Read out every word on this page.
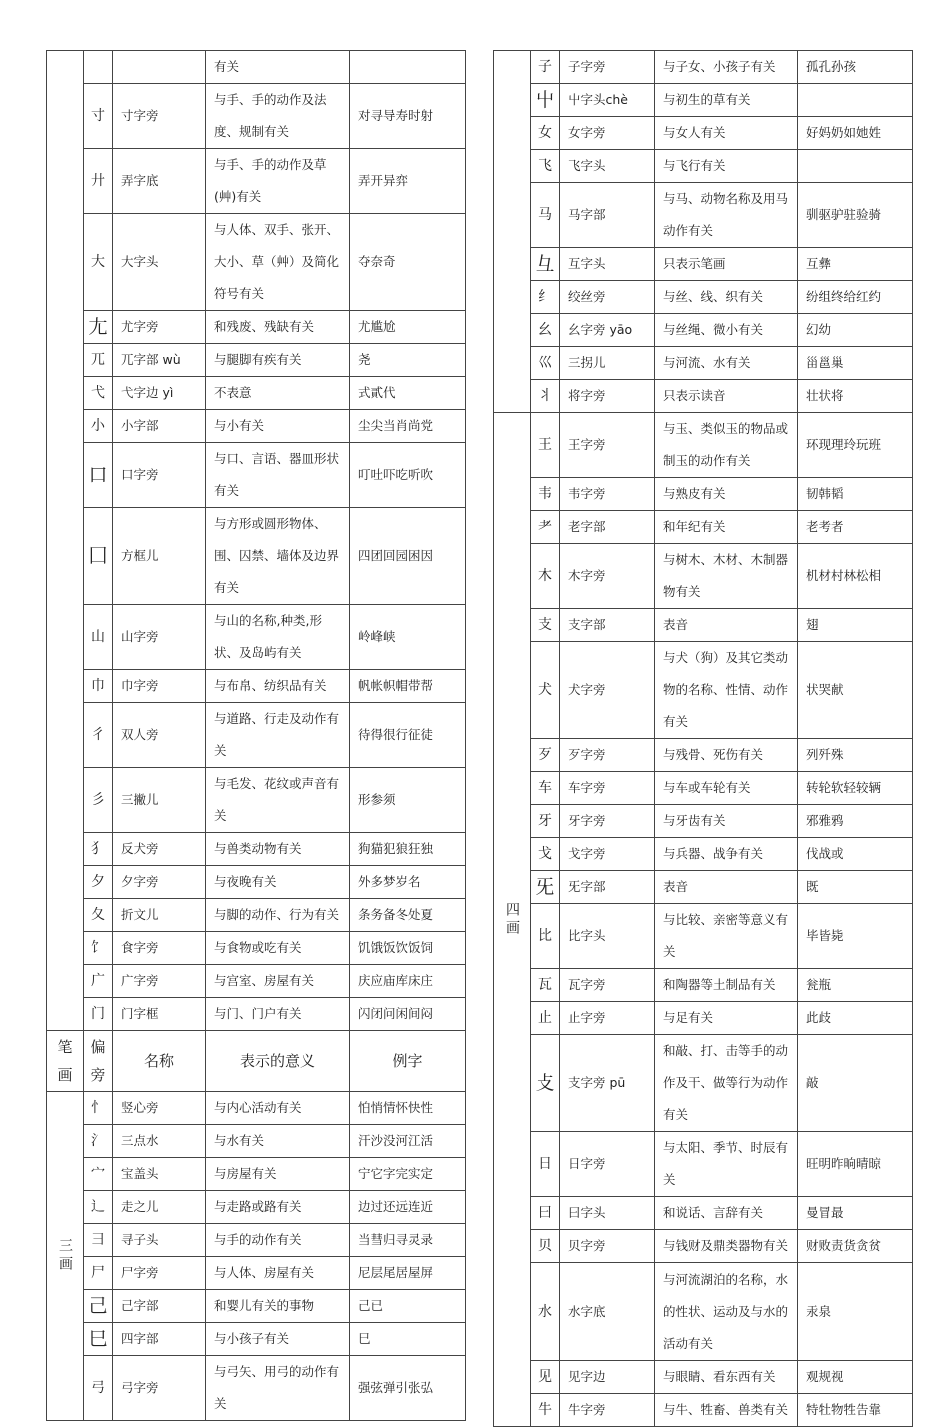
			有关	
	寸	寸字旁	与手、手的动作及法度、规制有关	对寻导寿时射
	廾	弄字底	与手、手的动作及草(艸)有关	弄开异弈
	大	大字头	与人体、双手、张开、大小、草（艸）及简化符号有关	夺奈奇
	尢	尤字旁	和残废、残缺有关	尤尴尬
	兀	兀字部 wù	与腿脚有疾有关	尧
	弋	弋字边 yì	不表意	式貳代
	小	小字部	与小有关	尘尖当肖尚党
	口	口字旁	与口、言语、器皿形状有关	叮吐吓吃听吹
	囗	方框儿	与方形或圆形物体、围、囚禁、墙体及边界有关	四团回园困因
	山	山字旁	与山的名称,种类,形状、及岛屿有关	岭峰峡
	巾	巾字旁	与布帛、纺织品有关	帆帐帜帽带帮
	彳	双人旁	与道路、行走及动作有关	待得很行征徒
	彡	三撇儿	与毛发、花纹或声音有关	形参须
	犭	反犬旁	与兽类动物有关	狗猫犯狼狂独
	夕	夕字旁	与夜晚有关	外多梦岁名
	夂	折文儿	与脚的动作、行为有关	条务备冬处夏
	饣	食字旁	与食物或吃有关	饥饿饭饮饭饲
	广	广字旁	与宫室、房屋有关	庆应庙库床庄
	门	门字框	与门、门户有关	闪闭问闲间闷
笔画	偏旁	名称	表示的意义	例字
三画	忄	竖心旁	与内心活动有关	怕悄情怀快性
	氵	三点水	与水有关	汗沙没河江活
	宀	宝盖头	与房屋有关	宁它字完实定
	辶	走之儿	与走路或路有关	边过还远连近
	彐	寻子头	与手的动作有关	当彗归寻灵录
	尸	尸字旁	与人体、房屋有关	尼层尾居屋屏
	己	己字部	和婴儿有关的事物	己已
	巳	四字部	与小孩子有关	巳
	弓	弓字旁	与弓矢、用弓的动作有关	强弦弹引张弘
	子	子字旁	与子女、小孩子有关	孤孔孙孩
	屮	屮字头chè	与初生的草有关	
	女	女字旁	与女人有关	好妈奶如她姓
	飞	飞字头	与飞行有关	
	马	马字部	与马、动物名称及用马动作有关	驯驱驴驻验骑
	彑	互字头	只表示笔画	互彝
	纟	绞丝旁	与丝、线、织有关	纷组终给红约
	幺	幺字旁 yāo	与丝绳、微小有关	幻幼
	巛	三拐儿	与河流、水有关	甾邕巢
	丬	将字旁	只表示读音	壮状将
四画	王	王字旁	与玉、类似玉的物品或制玉的动作有关	环现理玲玩班
	韦	韦字旁	与熟皮有关	韧韩韬
	耂	老字部	和年纪有关	老考者
	木	木字旁	与树木、木材、木制器物有关	机材村林松相
	支	支字部	表音	翅
	犬	犬字旁	与犬（狗）及其它类动物的名称、性情、动作有关	状哭献
	歹	歹字旁	与残骨、死伤有关	列歼殊
	车	车字旁	与车或车轮有关	转轮软轻较辆
	牙	牙字旁	与牙齿有关	邪雅鸦
	戈	戈字旁	与兵器、战争有关	伐战或
	旡	旡字部	表音	既
	比	比字头	与比较、亲密等意义有关	毕皆毙
	瓦	瓦字旁	和陶器等土制品有关	瓮瓶
	止	止字旁	与足有关	此歧
	攴	支字旁 pū	和敲、打、击等手的动作及干、做等行为动作有关	敲
	日	日字旁	与太阳、季节、时辰有关	旺明昨晌晴晾
	曰	曰字头	和说话、言辞有关	曼冒最
	贝	贝字旁	与钱财及鼎类器物有关	财败责货贪贫
	水	水字底	与河流湖泊的名称，水的性状、运动及与水的活动有关	汞泉
	见	见字边	与眼睛、看东西有关	观规视
	牛	牛字旁	与牛、牲畜、兽类有关	特牡物牲告靠
